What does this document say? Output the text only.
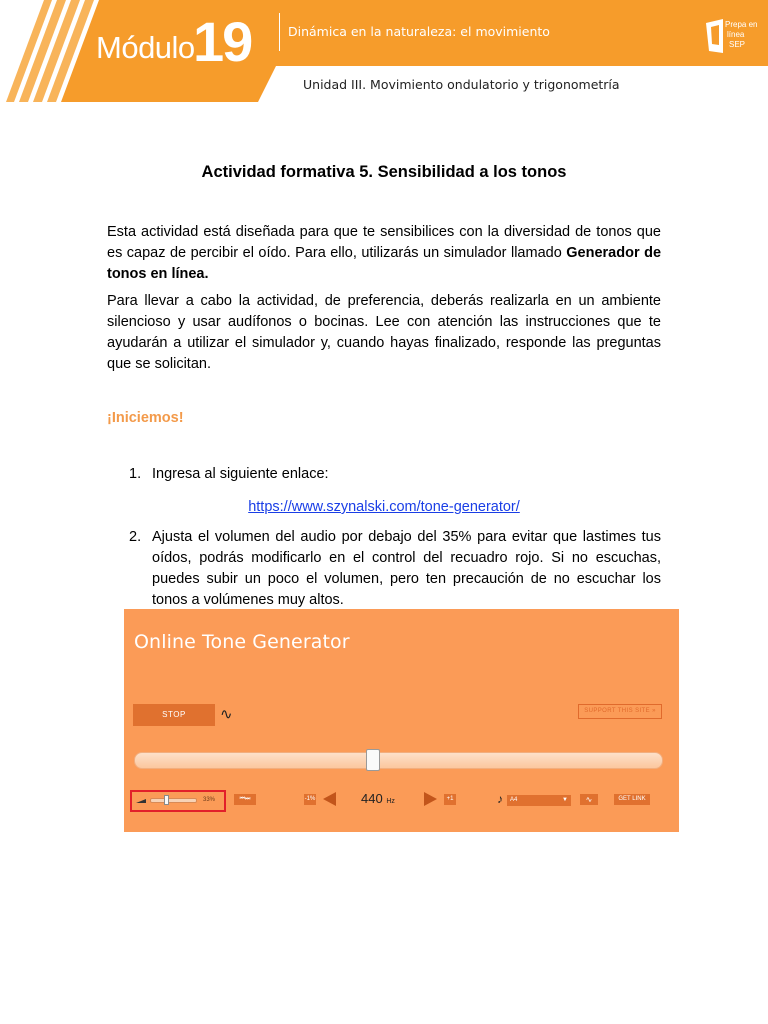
Módulo
19	Dinámica en la naturaleza: el movimiento	Prepa en
línea
SEP
Unidad III. Movimiento ondulatorio y trigonometría
Actividad formativa 5. Sensibilidad a los tonos

Esta actividad está diseñada para que te sensibilices con la diversidad de tonos que es capaz de percibir el oído. Para ello, utilizarás un simulador llamado Generador de tonos en línea.

Para llevar a cabo la actividad, de preferencia, deberás realizarla en un ambiente silencioso y usar audífonos o bocinas. Lee con atención las instrucciones que te ayudarán a utilizar el simulador y, cuando hayas finalizado, responde las preguntas que se solicitan.

¡Iniciemos!
1. Ingresa al siguiente enlace:

https://www.szynalski.com/tone-generator/
2. Ajusta el volumen del audio por debajo del 35% para evitar que lastimes tus oídos, podrás modificarlo en el control del recuadro rojo. Si no escuchas, puedes subir un poco el volumen, pero ten precaución de no escuchar los tonos a volúmenes muy altos.

Online Tone Generator
STOP	∿	SUPPORT THIS SITE »
33%	⏮⏭	-1%	440 Hz	+1	♪	A4	▼	∿	GET LINK
